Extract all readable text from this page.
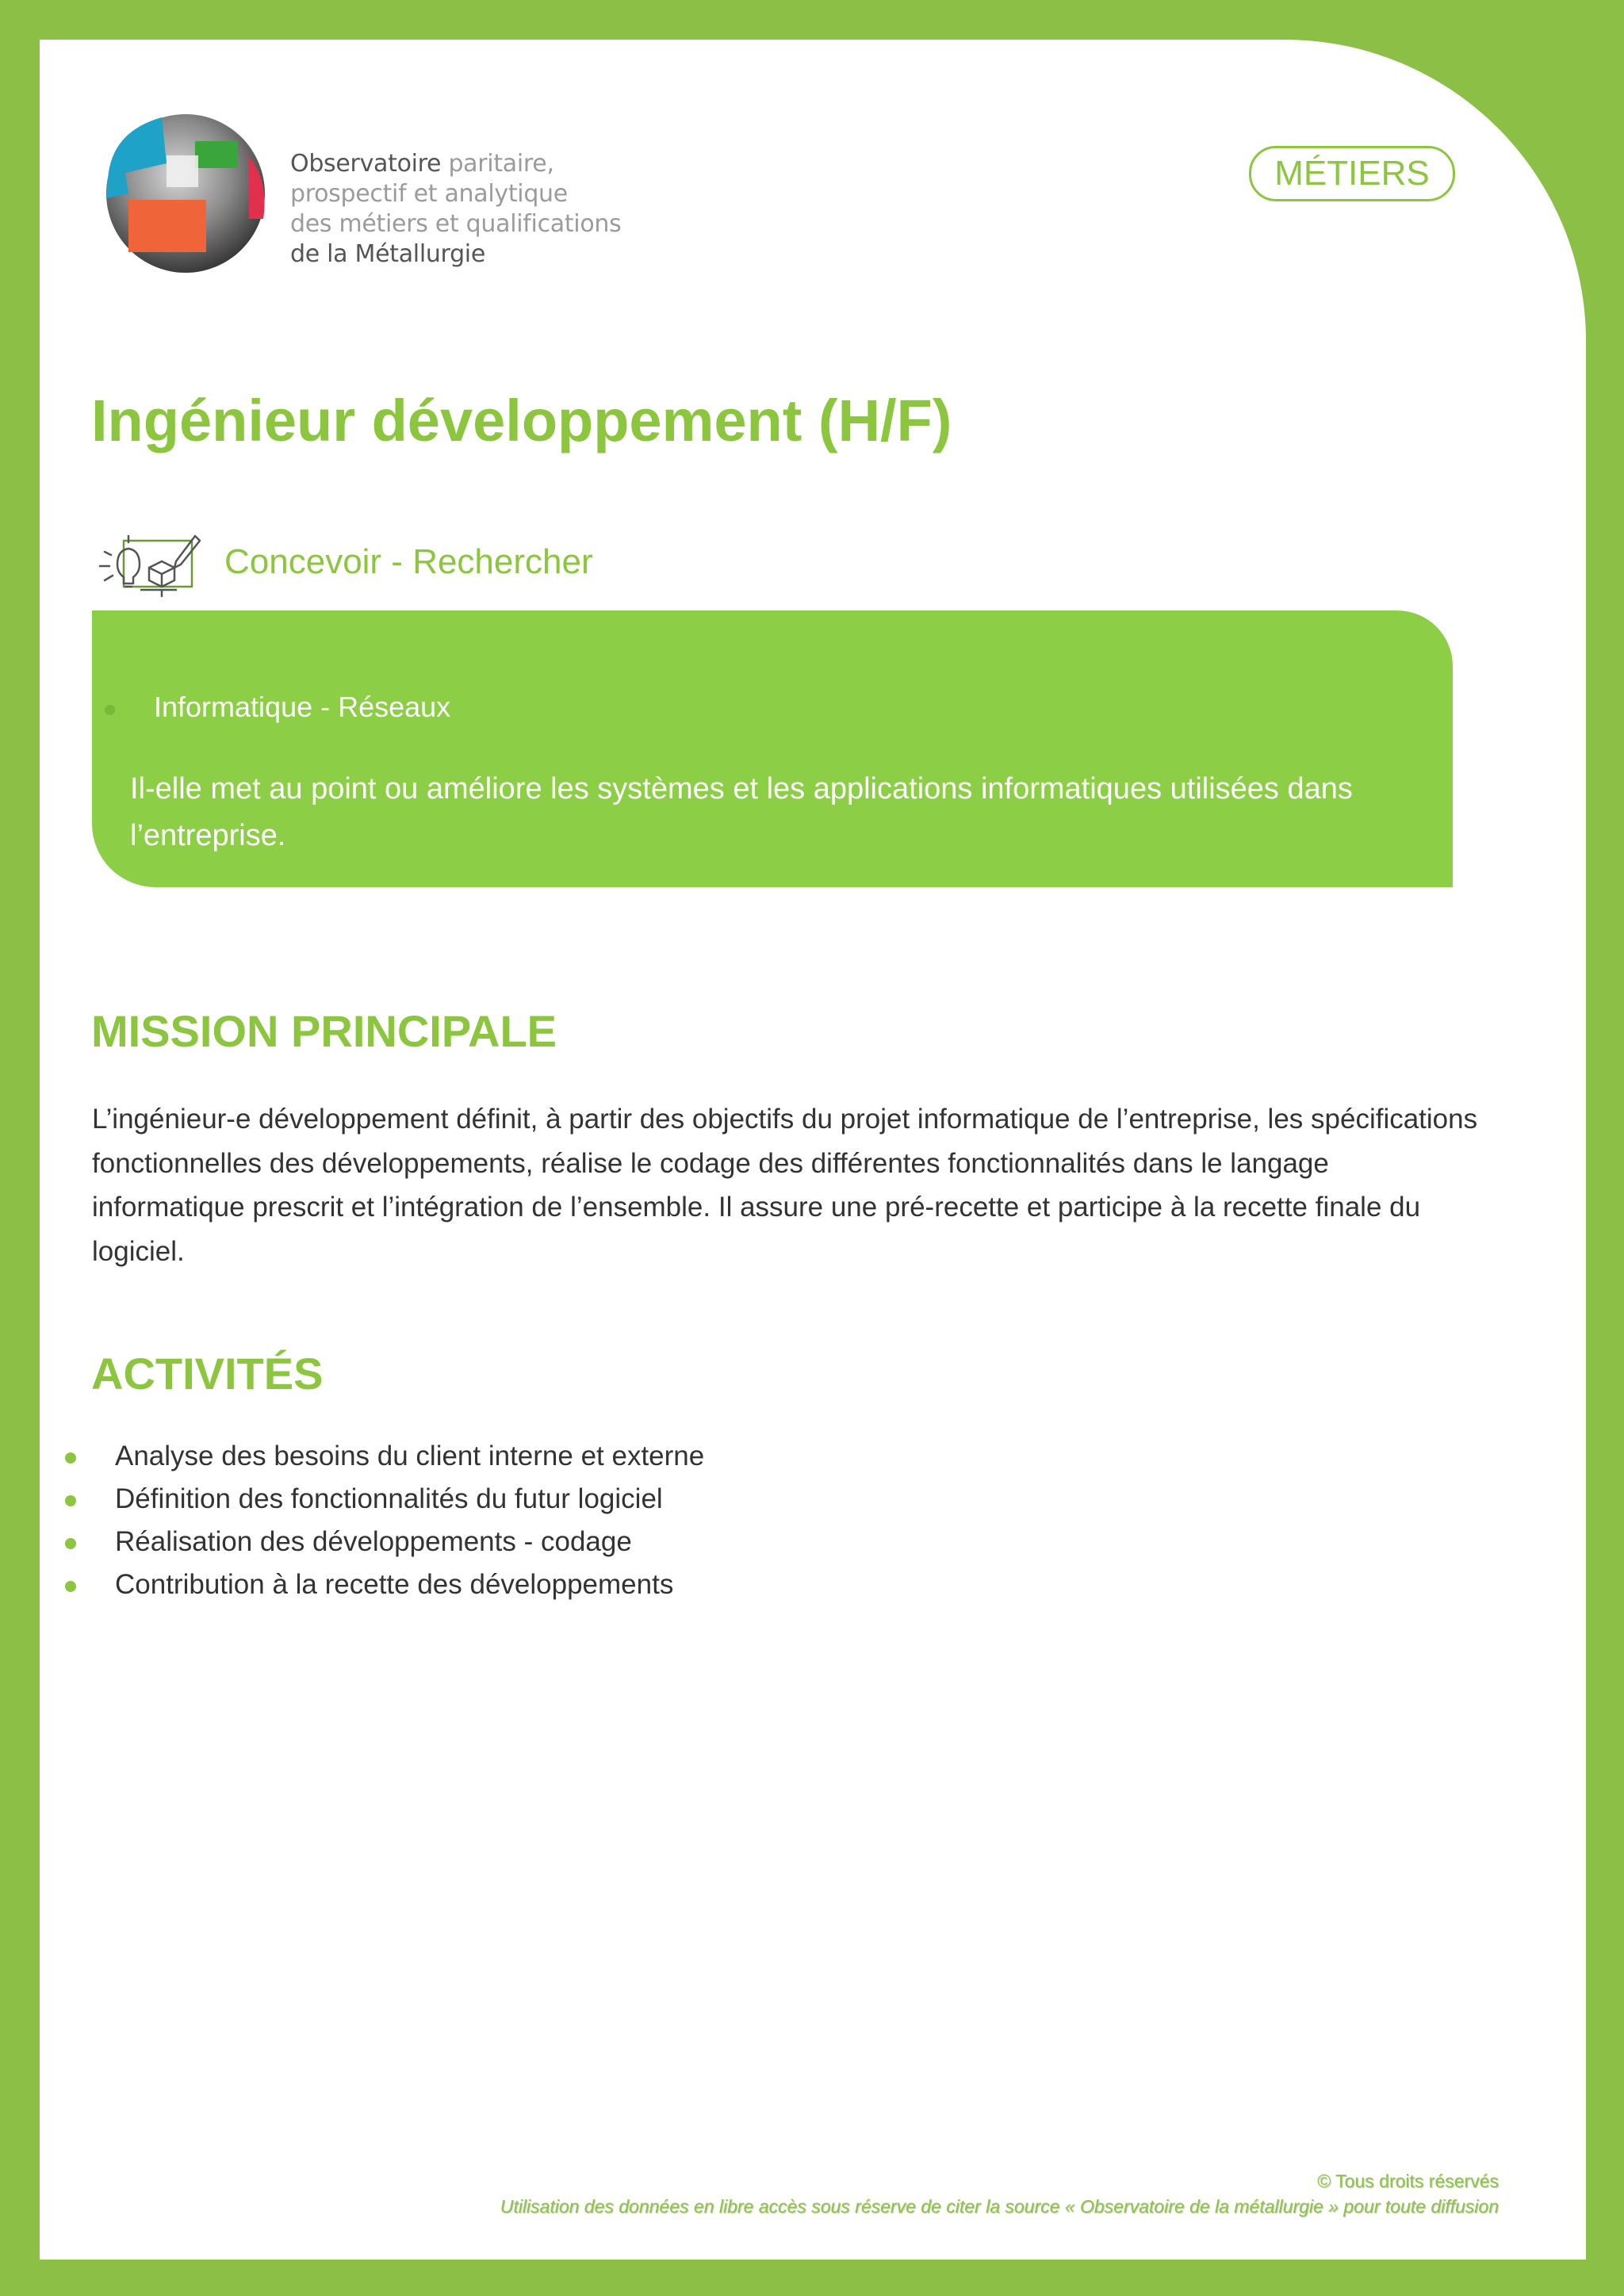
Observatoire paritaire,
prospectif et analytique
des métiers et qualifications
de la Métallurgie
MÉTIERS
Ingénieur développement (H/F)
Concevoir - Rechercher
Informatique - Réseaux
Il-elle met au point ou améliore les systèmes et les applications informatiques utilisées dans l’entreprise.
MISSION PRINCIPALE

L’ingénieur-e développement définit, à partir des objectifs du projet informatique de l’entreprise, les spécifications fonctionnelles des développements, réalise le codage des différentes fonctionnalités dans le langage informatique prescrit et l’intégration de l’ensemble. Il assure une pré-recette et participe à la recette finale du logiciel.

ACTIVITÉS
Analyse des besoins du client interne et externe
Définition des fonctionnalités du futur logiciel
Réalisation des développements - codage
Contribution à la recette des développements
© Tous droits réservés
Utilisation des données en libre accès sous réserve de citer la source « Observatoire de la métallurgie » pour toute diffusion
